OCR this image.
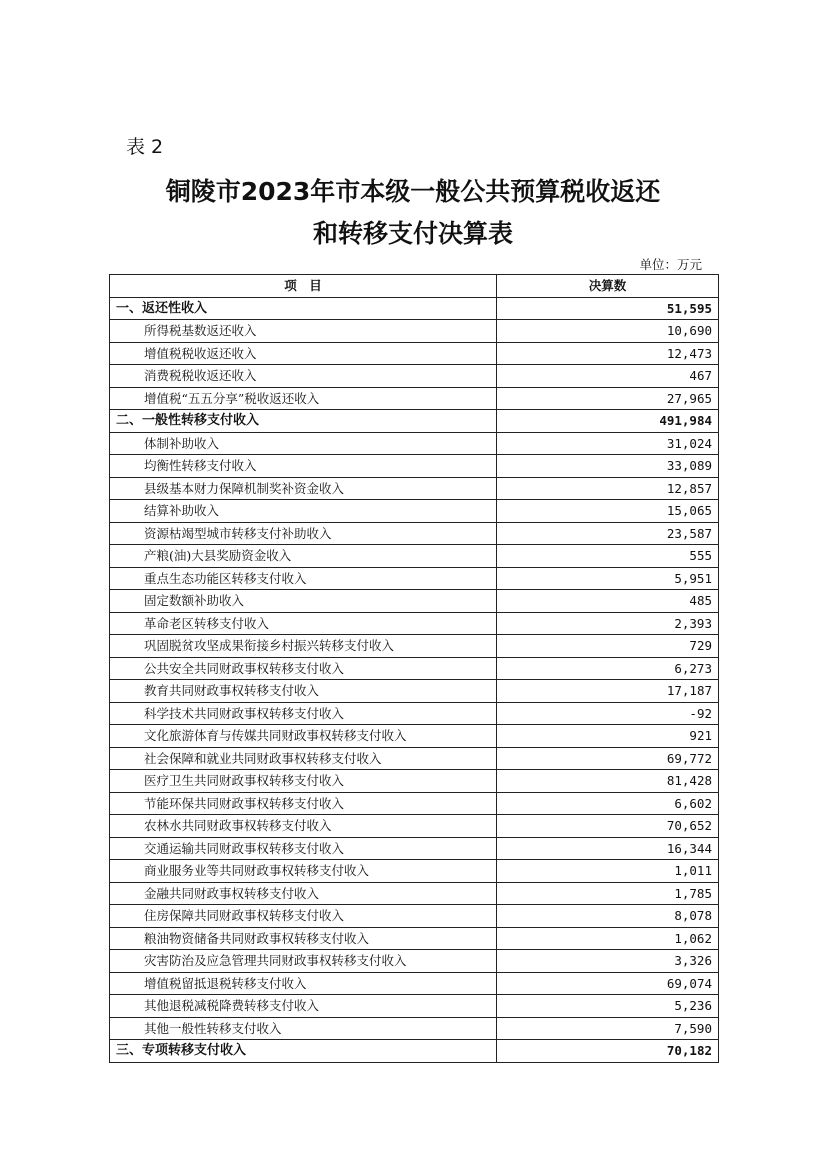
表 2
铜陵市2023年市本级一般公共预算税收返还
和转移支付决算表
单位：万元
项　目	决算数
一、返还性收入	51,595
所得税基数返还收入	10,690
增值税税收返还收入	12,473
消费税税收返还收入	467
增值税“五五分享”税收返还收入	27,965
二、一般性转移支付收入	491,984
体制补助收入	31,024
均衡性转移支付收入	33,089
县级基本财力保障机制奖补资金收入	12,857
结算补助收入	15,065
资源枯竭型城市转移支付补助收入	23,587
产粮(油)大县奖励资金收入	555
重点生态功能区转移支付收入	5,951
固定数额补助收入	485
革命老区转移支付收入	2,393
巩固脱贫攻坚成果衔接乡村振兴转移支付收入	729
公共安全共同财政事权转移支付收入	6,273
教育共同财政事权转移支付收入	17,187
科学技术共同财政事权转移支付收入	-92
文化旅游体育与传媒共同财政事权转移支付收入	921
社会保障和就业共同财政事权转移支付收入	69,772
医疗卫生共同财政事权转移支付收入	81,428
节能环保共同财政事权转移支付收入	6,602
农林水共同财政事权转移支付收入	70,652
交通运输共同财政事权转移支付收入	16,344
商业服务业等共同财政事权转移支付收入	1,011
金融共同财政事权转移支付收入	1,785
住房保障共同财政事权转移支付收入	8,078
粮油物资储备共同财政事权转移支付收入	1,062
灾害防治及应急管理共同财政事权转移支付收入	3,326
增值税留抵退税转移支付收入	69,074
其他退税减税降费转移支付收入	5,236
其他一般性转移支付收入	7,590
三、专项转移支付收入	70,182
